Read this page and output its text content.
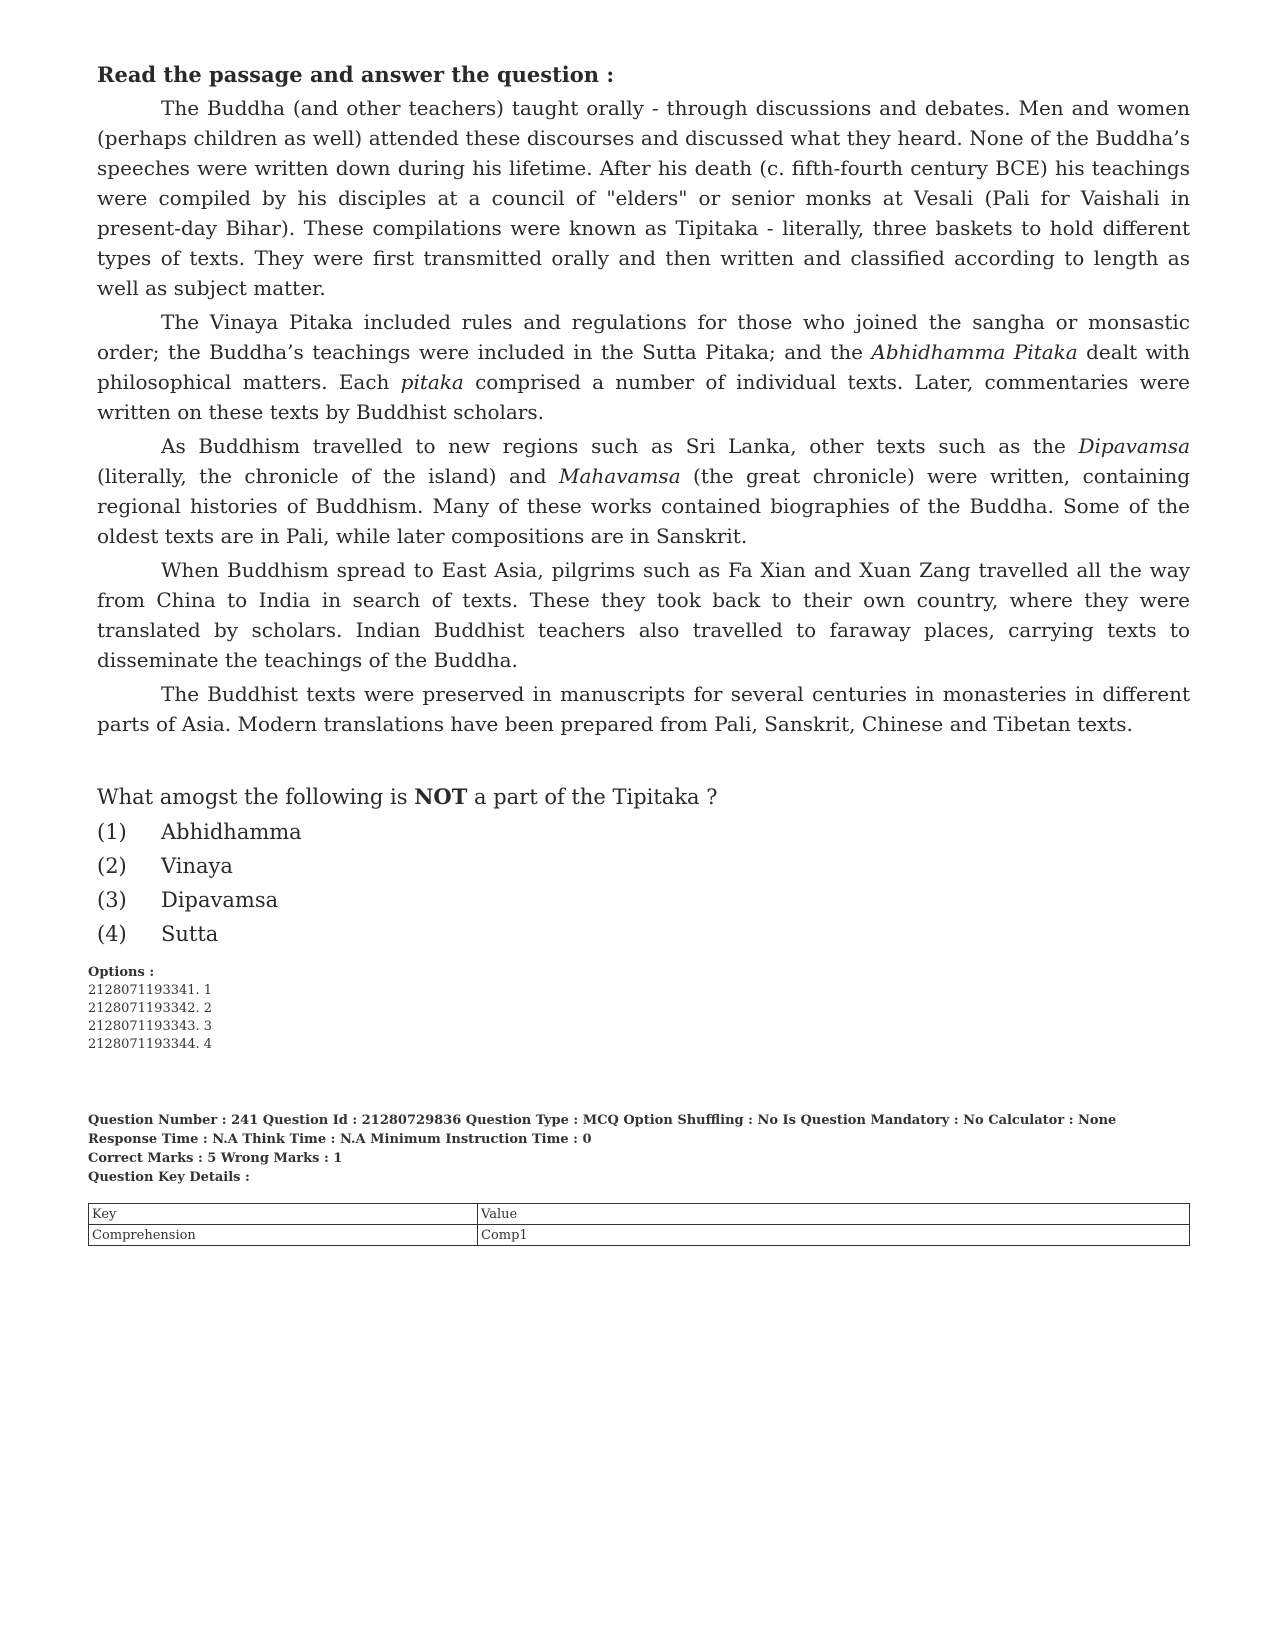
Read the passage and answer the question :

The Buddha (and other teachers) taught orally - through discussions and debates. Men and women (perhaps children as well) attended these discourses and discussed what they heard. None of the Buddha’s speeches were written down during his lifetime. After his death (c. fifth-fourth century BCE) his teachings were compiled by his disciples at a council of "elders" or senior monks at Vesali (Pali for Vaishali in present-day Bihar). These compilations were known as Tipitaka - literally, three baskets to hold different types of texts. They were first transmitted orally and then written and classified according to length as well as subject matter.

The Vinaya Pitaka included rules and regulations for those who joined the sangha or monsastic order; the Buddha’s teachings were included in the Sutta Pitaka; and the Abhidhamma Pitaka dealt with philosophical matters. Each pitaka comprised a number of individual texts. Later, commentaries were written on these texts by Buddhist scholars.

As Buddhism travelled to new regions such as Sri Lanka, other texts such as the Dipavamsa (literally, the chronicle of the island) and Mahavamsa (the great chronicle) were written, containing regional histories of Buddhism. Many of these works contained biographies of the Buddha. Some of the oldest texts are in Pali, while later compositions are in Sanskrit.

When Buddhism spread to East Asia, pilgrims such as Fa Xian and Xuan Zang travelled all the way from China to India in search of texts. These they took back to their own country, where they were translated by scholars. Indian Buddhist teachers also travelled to faraway places, carrying texts to disseminate the teachings of the Buddha.

The Buddhist texts were preserved in manuscripts for several centuries in monasteries in different parts of Asia. Modern translations have been prepared from Pali, Sanskrit, Chinese and Tibetan texts.

What amogst the following is NOT a part of the Tipitaka ?
(1)	Abhidhamma
(2)	Vinaya
(3)	Dipavamsa
(4)	Sutta
Options :
2128071193341. 1
2128071193342. 2
2128071193343. 3
2128071193344. 4
Question Number : 241 Question Id : 21280729836 Question Type : MCQ Option Shuffling : No Is Question Mandatory : No Calculator : None
Response Time : N.A Think Time : N.A Minimum Instruction Time : 0
Correct Marks : 5 Wrong Marks : 1
Question Key Details :
Key	Value
Comprehension	Comp1
